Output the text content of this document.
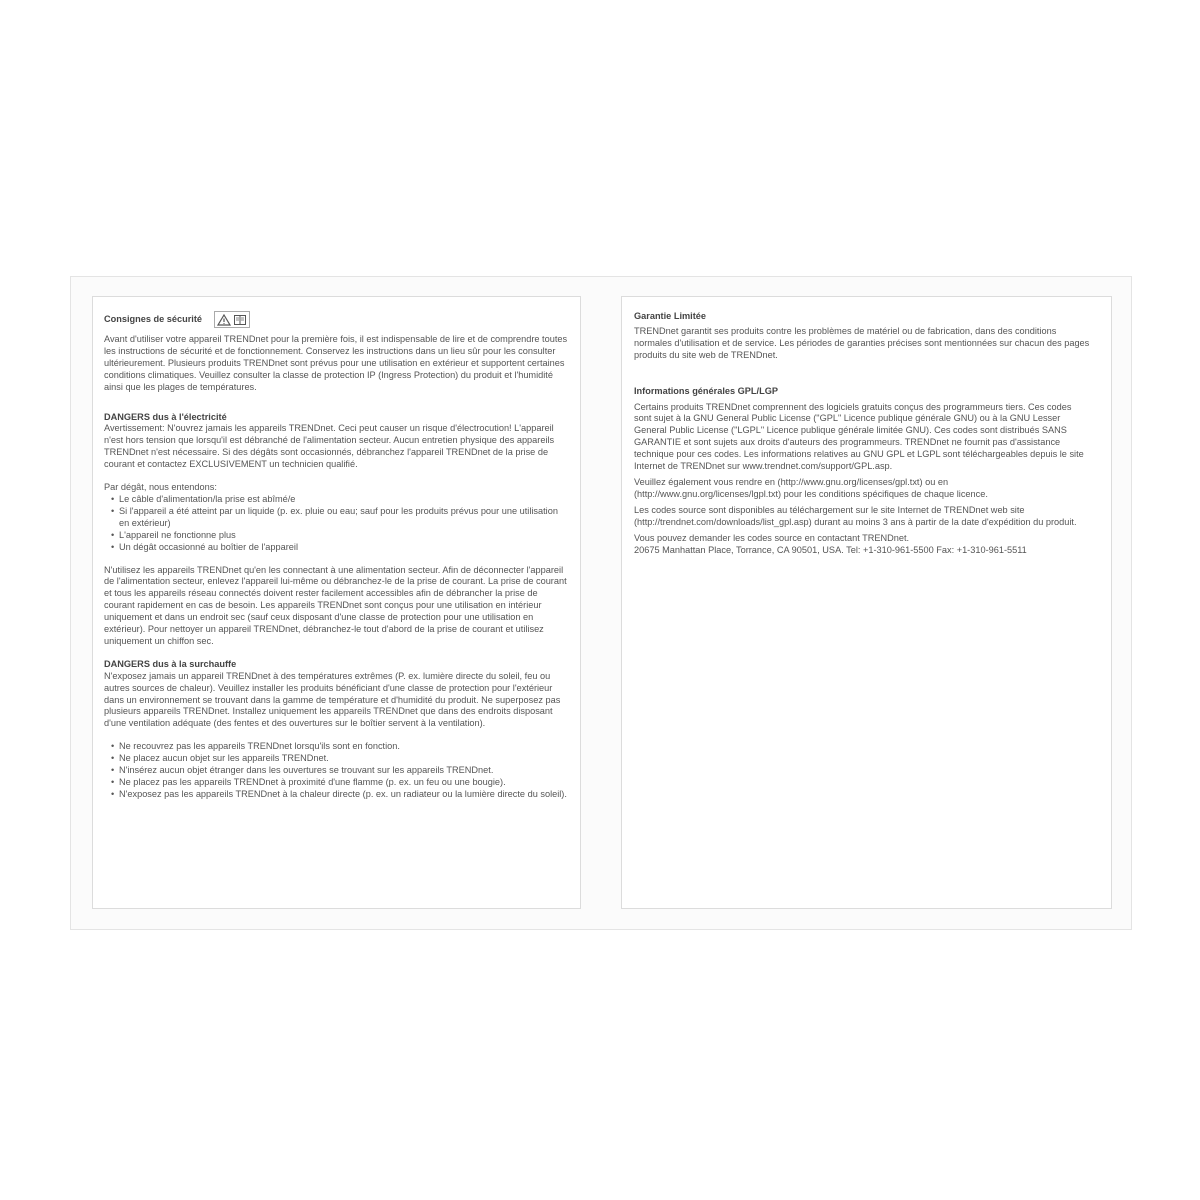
Consignes de sécurité

Avant d'utiliser votre appareil TRENDnet pour la première fois, il est indispensable de lire et de comprendre toutes les instructions de sécurité et de fonctionnement. Conservez les instructions dans un lieu sûr pour les consulter ultérieurement. Plusieurs produits TRENDnet sont prévus pour une utilisation en extérieur et supportent certaines conditions climatiques. Veuillez consulter la classe de protection IP (Ingress Protection) du produit et l'humidité ainsi que les plages de températures.

DANGERS dus à l'électricité

Avertissement: N'ouvrez jamais les appareils TRENDnet. Ceci peut causer un risque d'électrocution! L'appareil n'est hors tension que lorsqu'il est débranché de l'alimentation secteur. Aucun entretien physique des appareils TRENDnet n'est nécessaire. Si des dégâts sont occasionnés, débranchez l'appareil TRENDnet de la prise de courant et contactez EXCLUSIVEMENT un technicien qualifié.

Par dégât, nous entendons:

• Le câble d'alimentation/la prise est abîmé/e
• Si l'appareil a été atteint par un liquide (p. ex. pluie ou eau; sauf pour les produits prévus pour une utilisation en extérieur)
• L'appareil ne fonctionne plus
• Un dégât occasionné au boîtier de l'appareil

N'utilisez les appareils TRENDnet qu'en les connectant à une alimentation secteur. Afin de déconnecter l'appareil de l'alimentation secteur, enlevez l'appareil lui-même ou débranchez-le de la prise de courant. La prise de courant et tous les appareils réseau connectés doivent rester facilement accessibles afin de débrancher la prise de courant rapidement en cas de besoin. Les appareils TRENDnet sont conçus pour une utilisation en intérieur uniquement et dans un endroit sec (sauf ceux disposant d'une classe de protection pour une utilisation en extérieur). Pour nettoyer un appareil TRENDnet, débranchez-le tout d'abord de la prise de courant et utilisez uniquement un chiffon sec.

DANGERS dus à la surchauffe

N'exposez jamais un appareil TRENDnet à des températures extrêmes (P. ex. lumière directe du soleil, feu ou autres sources de chaleur). Veuillez installer les produits bénéficiant d'une classe de protection pour l'extérieur dans un environnement se trouvant dans la gamme de température et d'humidité du produit. Ne superposez pas plusieurs appareils TRENDnet. Installez uniquement les appareils TRENDnet que dans des endroits disposant d'une ventilation adéquate (des fentes et des ouvertures sur le boîtier servent à la ventilation).

• Ne recouvrez pas les appareils TRENDnet lorsqu'ils sont en fonction.
• Ne placez aucun objet sur les appareils TRENDnet.
• N'insérez aucun objet étranger dans les ouvertures se trouvant sur les appareils TRENDnet.
• Ne placez pas les appareils TRENDnet à proximité d'une flamme (p. ex. un feu ou une bougie).
• N'exposez pas les appareils TRENDnet à la chaleur directe (p. ex. un radiateur ou la lumière directe du soleil).

Garantie Limitée

TRENDnet garantit ses produits contre les problèmes de matériel ou de fabrication, dans des conditions normales d'utilisation et de service. Les périodes de garanties précises sont mentionnées sur chacun des pages produits du site web de TRENDnet.

Informations générales GPL/LGP

Certains produits TRENDnet comprennent des logiciels gratuits conçus des programmeurs tiers. Ces codes sont sujet à la GNU General Public License ("GPL" Licence publique générale GNU) ou à la GNU Lesser General Public License ("LGPL" Licence publique générale limitée GNU). Ces codes sont distribués SANS GARANTIE et sont sujets aux droits d'auteurs des programmeurs. TRENDnet ne fournit pas d'assistance technique pour ces codes. Les informations relatives au GNU GPL et LGPL sont téléchargeables depuis le site Internet de TRENDnet sur www.trendnet.com/support/GPL.asp.

Veuillez également vous rendre en (http://www.gnu.org/licenses/gpl.txt) ou en (http://www.gnu.org/licenses/lgpl.txt) pour les conditions spécifiques de chaque licence.

Les codes source sont disponibles au téléchargement sur le site Internet de TRENDnet web site (http://trendnet.com/downloads/list_gpl.asp) durant au moins 3 ans à partir de la date d'expédition du produit.

Vous pouvez demander les codes source en contactant TRENDnet.

20675 Manhattan Place, Torrance, CA 90501, USA. Tel: +1-310-961-5500 Fax: +1-310-961-5511
